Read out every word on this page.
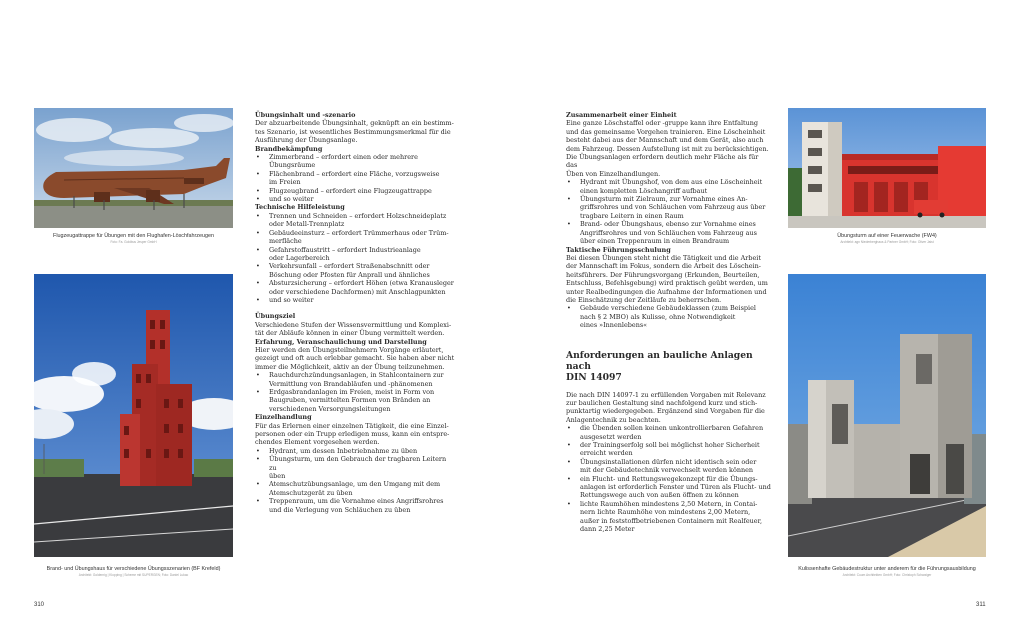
Flugzeugattrappe für Übungen mit den Flughafen-Löschfahrzeugen
Foto: Fa. Goldbus Jesper GmbH
Brand- und Übungshaus für verschiedene Übungsszenarien (BF Krefeld)
Architekt: Goldenrig | Klopping | Scheme mit SUPERGEN; Foto: Daniel Lukac
Übungsinhalt und -szenario
Der abzuarbeitende Übungsinhalt, geknüpft an ein bestimm-
tes Szenario, ist wesentliches Bestimmungsmerkmal für die
Ausführung der Übungsanlage.
Brandbekämpfung
• Zimmerbrand – erfordert einen oder mehrere
Übungsräume
• Flächenbrand – erfordert eine Fläche, vorzugsweise
im Freien
• Flugzeugbrand – erfordert eine Flugzeugattrappe
• und so weiter
Technische Hilfeleistung
• Trennen und Schneiden – erfordert Holzschneideplatz
oder Metall-Trennplatz
• Gebäudeeinsturz – erfordert Trümmerhaus oder Trüm-
merfläche
• Gefahrstoffaustritt – erfordert Industrieanlage
oder Lagerbereich
• Verkehrsunfall – erfordert Straßenabschnitt oder
Böschung oder Pfosten für Anprall und ähnliches
• Absturzsicherung – erfordert Höhen (etwa Kranausleger
oder verschiedene Dachformen) mit Anschlagpunkten
• und so weiter
Übungsziel
Verschiedene Stufen der Wissensvermittlung und Komplexi-
tät der Abläufe können in einer Übung vermittelt werden.
Erfahrung, Veranschaulichung und Darstellung
Hier werden den Übungsteilnehmern Vorgänge erläutert,
gezeigt und oft auch erlebbar gemacht. Sie haben aber nicht
immer die Möglichkeit, aktiv an der Übung teilzunehmen.
• Rauchdurchzündungsanlagen, in Stahlcontainern zur
Vermittlung von Brandabläufen und -phänomenen
• Erdgasbrandanlagen im Freien, meist in Form von
Baugruben, vermittelten Formen von Bränden an
verschiedenen Versorgungsleitungen
Einzelhandlung
Für das Erlernen einer einzelnen Tätigkeit, die eine Einzel-
personen oder ein Trupp erledigen muss, kann ein entspre-
chendes Element vorgesehen werden.
• Hydrant, um dessen Inbetriebnahme zu üben
• Übungsturm, um den Gebrauch der tragbaren Leitern zu
üben
• Atemschutzübungsanlage, um den Umgang mit dem
Atemschutzgerät zu üben
• Treppenraum, um die Vornahme eines Angriffsrohres
und die Verlegung von Schläuchen zu üben
310
Zusammenarbeit einer Einheit
Eine ganze Löschstaffel oder -gruppe kann ihre Entfaltung
und das gemeinsame Vorgehen trainieren. Eine Löscheinheit
besteht dabei aus der Mannschaft und dem Gerät, also auch
dem Fahrzeug. Dessen Aufstellung ist mit zu berücksichtigen.
Die Übungsanlagen erfordern deutlich mehr Fläche als für das
Üben von Einzelhandlungen.
• Hydrant mit Übungshof, von dem aus eine Löscheinheit
einen kompletten Löschangriff aufbaut
• Übungsturm mit Zielraum, zur Vornahme eines An-
griffsrohres und von Schläuchen vom Fahrzeug aus über
tragbare Leitern in einen Raum
• Brand- oder Übungshaus, ebenso zur Vornahme eines
Angriffsrohres und von Schläuchen vom Fahrzeug aus
über einen Treppenraum in einen Brandraum
Taktische Führungsschulung
Bei diesen Übungen steht nicht die Tätigkeit und die Arbeit
der Mannschaft im Fokus, sondern die Arbeit des Löschein-
heitsführers. Der Führungsvorgang (Erkunden, Beurteilen,
Entschluss, Befehlsgebung) wird praktisch geübt werden, um
unter Realbedingungen die Aufnahme der Informationen und
die Einschätzung der Zeitläufe zu beherrschen.
• Gebäude verschiedene Gebäudeklassen (zum Beispiel
nach § 2 MBO) als Kulisse, ohne Notwendigkeit
eines »Innenlebens«
Anforderungen an bauliche Anlagen nach
DIN 14097
Die nach DIN 14097-1 zu erfüllenden Vorgaben mit Relevanz
zur baulichen Gestaltung sind nachfolgend kurz und stich-
punktartig wiedergegeben. Ergänzend sind Vorgaben für die
Anlagentechnik zu beachten.
• die Übenden sollen keinen unkontrollierbaren Gefahren
ausgesetzt werden
• der Trainingserfolg soll bei möglichst hoher Sicherheit
erreicht werden
• Übungsinstallationen dürfen nicht identisch sein oder
mit der Gebäudetechnik verwechselt werden können
• ein Flucht- und Rettungswegekonzept für die Übungs-
anlagen ist erforderlich Fenster und Türen als Flucht- und
Rettungswege auch von außen öffnen zu können
• lichte Raumhöhen mindestens 2,50 Metern, in Contai-
nern lichte Raumhöhe von mindestens 2,00 Metern,
außer in feststoffbetriebenen Containern mit Realfeuer,
dann 2,25 Meter
Übungsturm auf einer Feuerwache (FW4)
Architekt: agn Niederberghaus & Partner GmbH; Foto: Oliver Jaist
Kulissenhafte Gebäudestruktur unter anderem für die Führungsausbildung
Architekt: Cuum Architekten GmbH; Foto: Christoph Schwaiger
311
